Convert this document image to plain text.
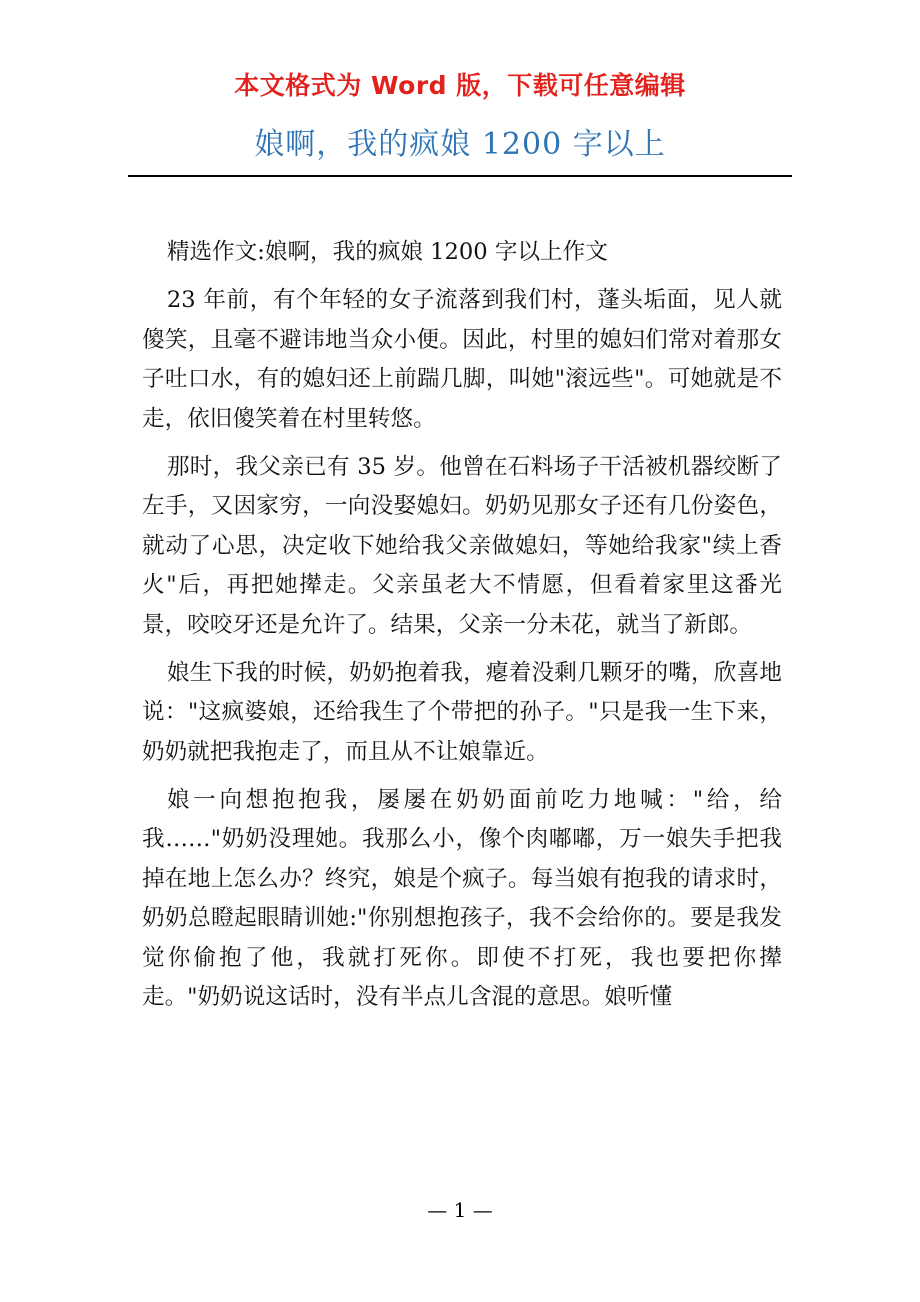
本文格式为 Word 版，下载可任意编辑
娘啊，我的疯娘 1200 字以上

精选作文:娘啊，我的疯娘 1200 字以上作文

23 年前，有个年轻的女子流落到我们村，蓬头垢面，见人就傻笑，且毫不避讳地当众小便。因此，村里的媳妇们常对着那女子吐口水，有的媳妇还上前踹几脚，叫她"滚远些"。可她就是不走，依旧傻笑着在村里转悠。

那时，我父亲已有 35 岁。他曾在石料场子干活被机器绞断了左手，又因家穷，一向没娶媳妇。奶奶见那女子还有几份姿色，就动了心思，决定收下她给我父亲做媳妇，等她给我家"续上香火"后，再把她撵走。父亲虽老大不情愿，但看着家里这番光景，咬咬牙还是允许了。结果，父亲一分未花，就当了新郎。

娘生下我的时候，奶奶抱着我，瘪着没剩几颗牙的嘴，欣喜地说："这疯婆娘，还给我生了个带把的孙子。"只是我一生下来，奶奶就把我抱走了，而且从不让娘靠近。

娘一向想抱抱我，屡屡在奶奶面前吃力地喊："给，给我……"奶奶没理她。我那么小，像个肉嘟嘟，万一娘失手把我掉在地上怎么办？终究，娘是个疯子。每当娘有抱我的请求时，奶奶总瞪起眼睛训她:"你别想抱孩子，我不会给你的。要是我发觉你偷抱了他，我就打死你。即使不打死，我也要把你撵走。"奶奶说这话时，没有半点儿含混的意思。娘听懂

— 1 —
